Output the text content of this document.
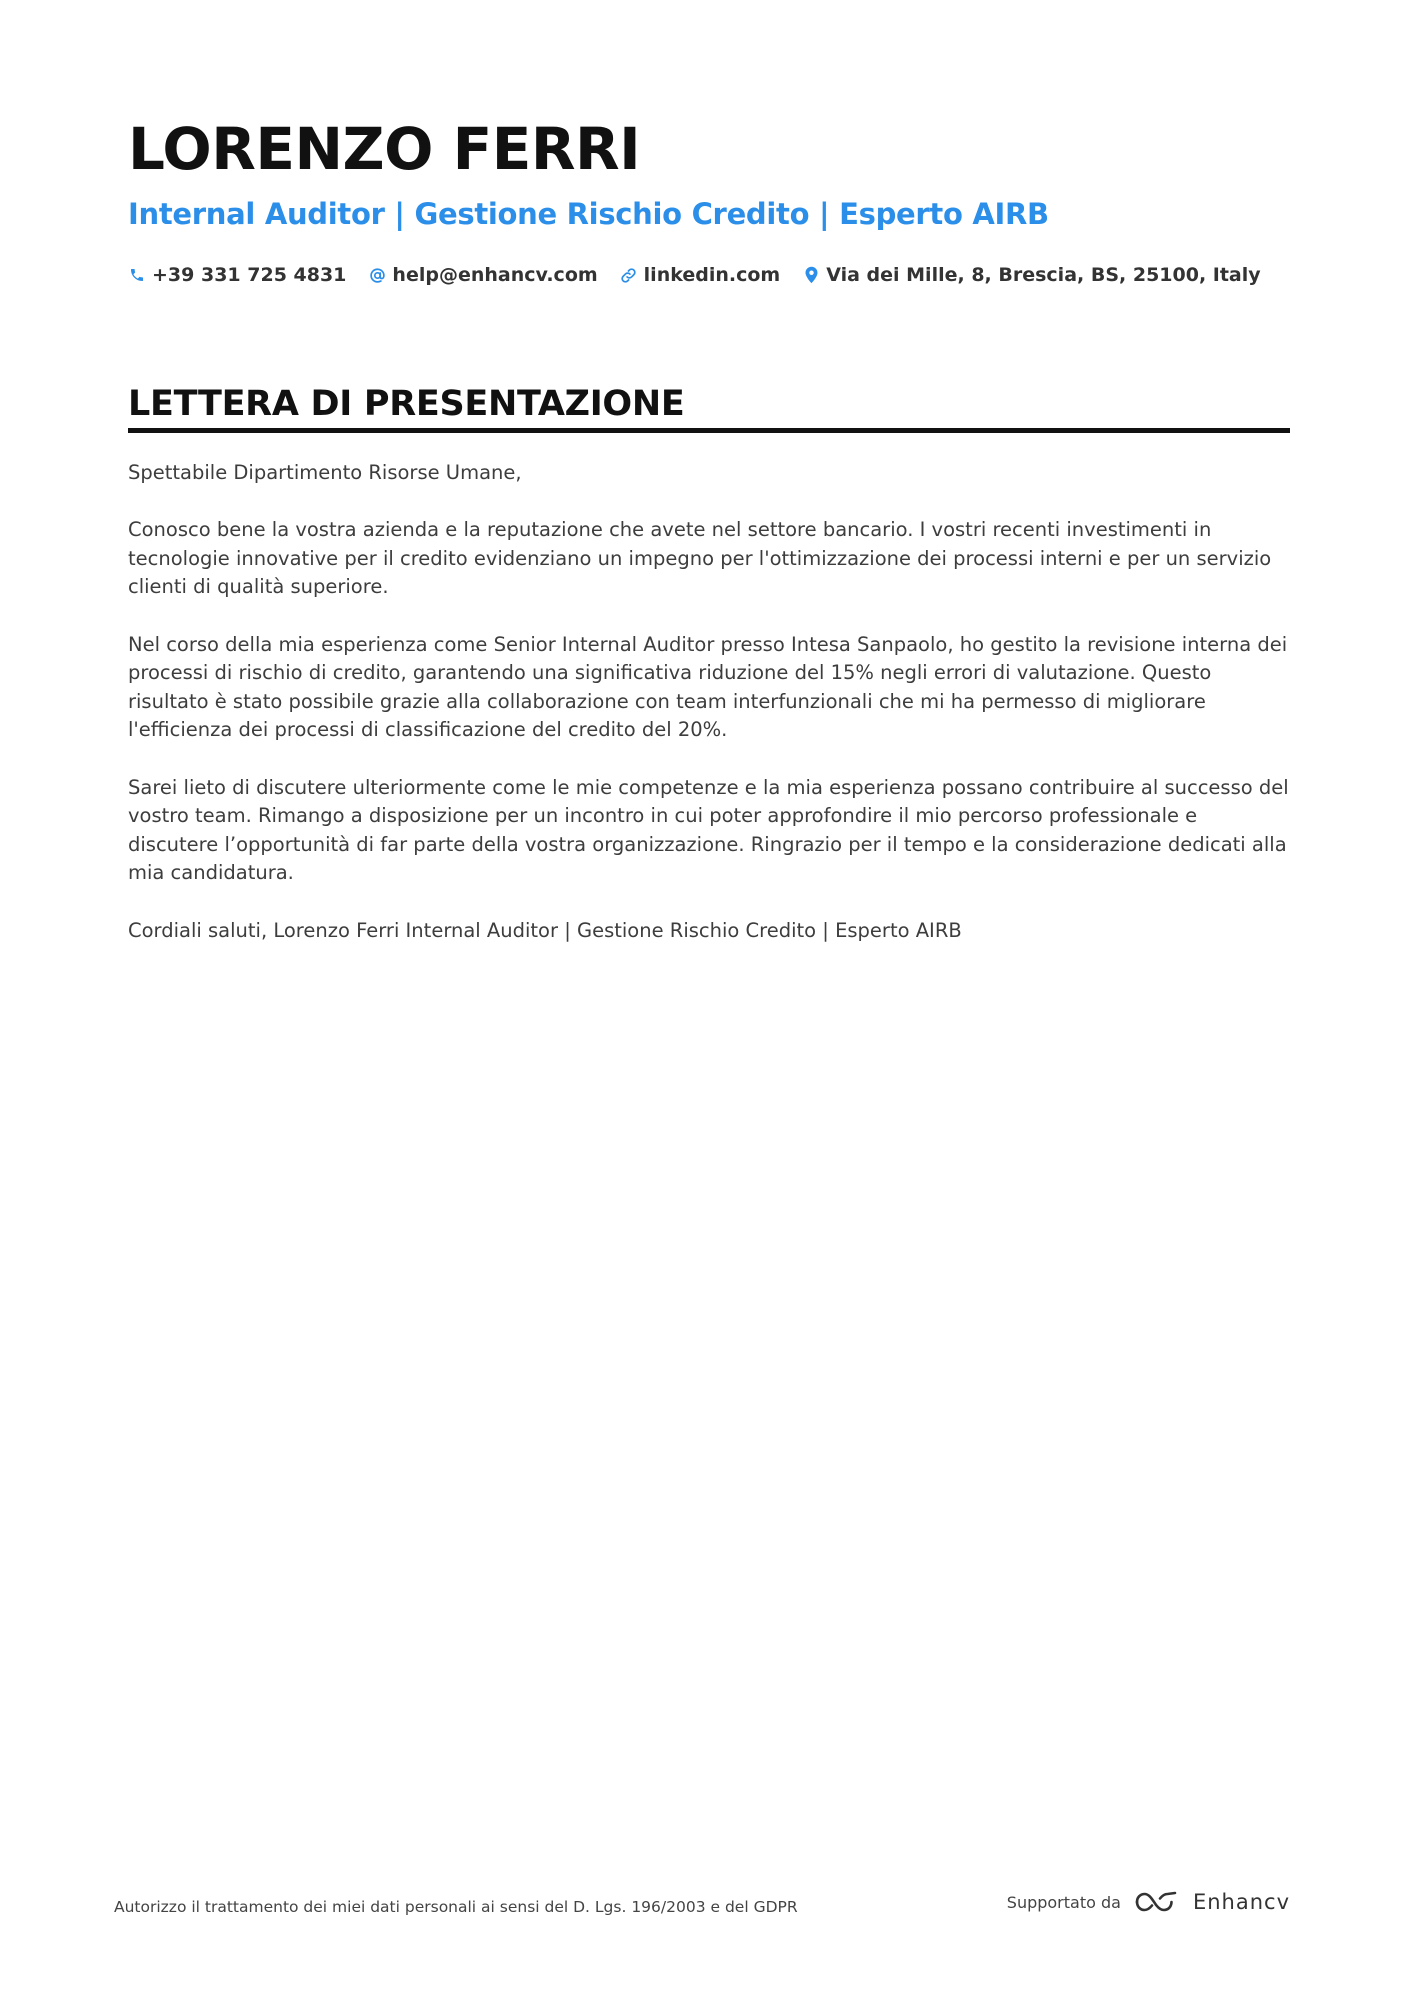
LORENZO FERRI
Internal Auditor | Gestione Rischio Credito | Esperto AIRB
+39 331 725 4831 help@enhancv.com linkedin.com Via dei Mille, 8, Brescia, BS, 25100, Italy
LETTERA DI PRESENTAZIONE

Spettabile Dipartimento Risorse Umane,

Conosco bene la vostra azienda e la reputazione che avete nel settore bancario. I vostri recenti investimenti in tecnologie innovative per il credito evidenziano un impegno per l'ottimizzazione dei processi interni e per un servizio clienti di qualità superiore.

Nel corso della mia esperienza come Senior Internal Auditor presso Intesa Sanpaolo, ho gestito la revisione interna dei processi di rischio di credito, garantendo una significativa riduzione del 15% negli errori di valutazione. Questo risultato è stato possibile grazie alla collaborazione con team interfunzionali che mi ha permesso di migliorare l'efficienza dei processi di classificazione del credito del 20%.

Sarei lieto di discutere ulteriormente come le mie competenze e la mia esperienza possano contribuire al successo del vostro team. Rimango a disposizione per un incontro in cui poter approfondire il mio percorso professionale e discutere l’opportunità di far parte della vostra organizzazione. Ringrazio per il tempo e la considerazione dedicati alla mia candidatura.

Cordiali saluti, Lorenzo Ferri Internal Auditor | Gestione Rischio Credito | Esperto AIRB

Autorizzo il trattamento dei miei dati personali ai sensi del D. Lgs. 196/2003 e del GDPR	Supportato da	Enhancv
